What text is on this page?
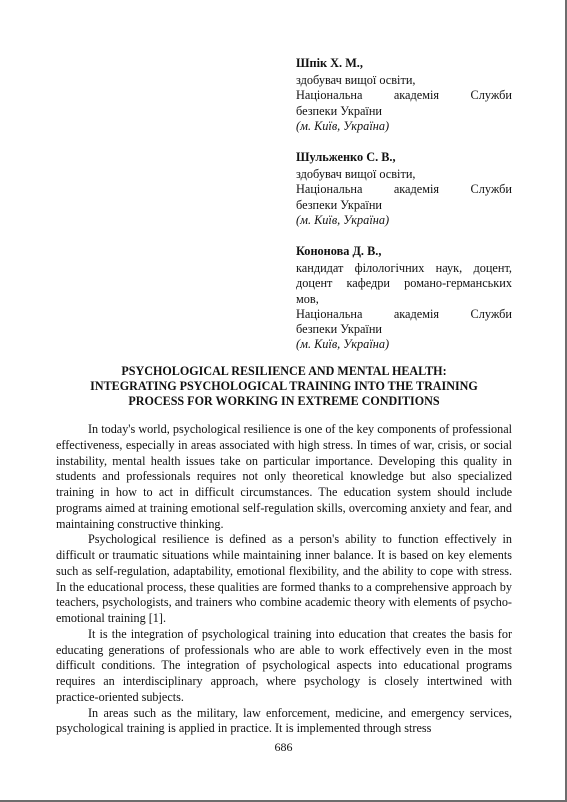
Шпік Х. М.,
здобувач вищої освіти,
Національна академія Служби
безпеки України
(м. Київ, Україна)
Шульженко С. В.,
здобувач вищої освіти,
Національна академія Служби
безпеки України
(м. Київ, Україна)
Кононова Д. В.,
кандидат філологічних наук, доцент,
доцент кафедри романо-германських
мов,
Національна академія Служби
безпеки України
(м. Київ, Україна)
PSYCHOLOGICAL RESILIENCE AND MENTAL HEALTH:
INTEGRATING PSYCHOLOGICAL TRAINING INTO THE TRAINING
PROCESS FOR WORKING IN EXTREME CONDITIONS

In today's world, psychological resilience is one of the key components of professional effectiveness, especially in areas associated with high stress. In times of war, crisis, or social instability, mental health issues take on particular importance. Developing this quality in students and professionals requires not only theoretical knowledge but also specialized training in how to act in difficult circumstances. The education system should include programs aimed at training emotional self-regulation skills, overcoming anxiety and fear, and maintaining constructive thinking.

Psychological resilience is defined as a person's ability to function effectively in difficult or traumatic situations while maintaining inner balance. It is based on key elements such as self-regulation, adaptability, emotional flexibility, and the ability to cope with stress. In the educational process, these qualities are formed thanks to a comprehensive approach by teachers, psychologists, and trainers who combine academic theory with elements of psycho-emotional training [1].

It is the integration of psychological training into education that creates the basis for educating generations of professionals who are able to work effectively even in the most difficult conditions. The integration of psychological aspects into educational programs requires an interdisciplinary approach, where psychology is closely intertwined with practice-oriented subjects.

In areas such as the military, law enforcement, medicine, and emergency services, psychological training is applied in practice. It is implemented through stress

686
